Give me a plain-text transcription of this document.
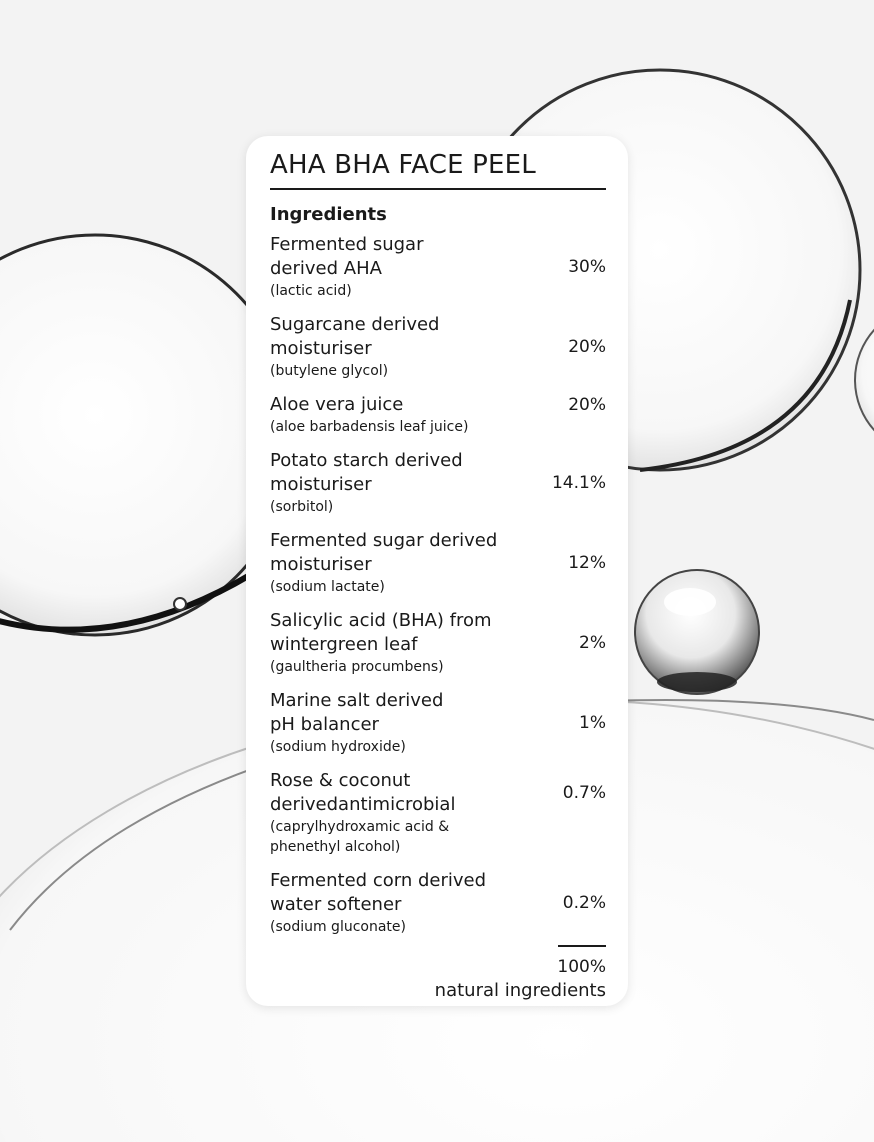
AHA BHA FACE PEEL
Ingredients
Fermented sugar
derived AHA
(lactic acid)
30%
Sugarcane derived
moisturiser
(butylene glycol)
20%
Aloe vera juice
(aloe barbadensis leaf juice)
20%
Potato starch derived
moisturiser
(sorbitol)
14.1%
Fermented sugar derived
moisturiser
(sodium lactate)
12%
Salicylic acid (BHA) from
wintergreen leaf
(gaultheria procumbens)
2%
Marine salt derived
pH balancer
(sodium hydroxide)
1%
Rose & coconut
derivedantimicrobial
(caprylhydroxamic acid &
phenethyl alcohol)
0.7%
Fermented corn derived
water softener
(sodium gluconate)
0.2%
100%
natural ingredients
